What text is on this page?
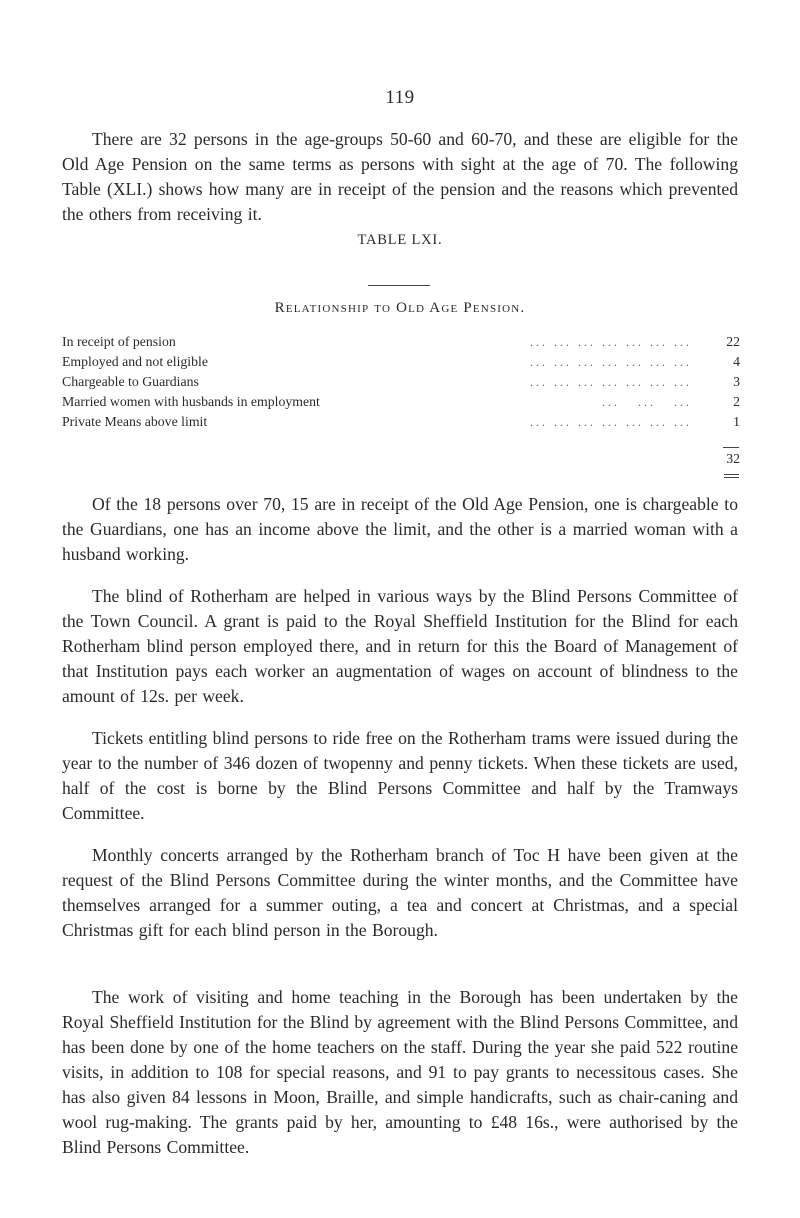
119

There are 32 persons in the age-groups 50-60 and 60-70, and these are eligible for the Old Age Pension on the same terms as persons with sight at the age of 70. The following Table (XLI.) shows how many are in receipt of the pension and the reasons which prevented the others from receiving it.

TABLE LXI.
Relationship to Old Age Pension.
In receipt of pension	... ... ... ... ... ... ...	22
Employed and not eligible	... ... ... ... ... ... ...	4
Chargeable to Guardians	... ... ... ... ... ... ...	3
Married women with husbands in employment	...   ...   ...	2
Private Means above limit	... ... ... ... ... ... ...	1
32

Of the 18 persons over 70, 15 are in receipt of the Old Age Pension, one is chargeable to the Guardians, one has an income above the limit, and the other is a married woman with a husband working.

The blind of Rotherham are helped in various ways by the Blind Persons Committee of the Town Council. A grant is paid to the Royal Sheffield Institution for the Blind for each Rotherham blind person employed there, and in return for this the Board of Management of that Institution pays each worker an augmentation of wages on account of blindness to the amount of 12s. per week.

Tickets entitling blind persons to ride free on the Rotherham trams were issued during the year to the number of 346 dozen of twopenny and penny tickets. When these tickets are used, half of the cost is borne by the Blind Persons Committee and half by the Tramways Committee.

Monthly concerts arranged by the Rotherham branch of Toc H have been given at the request of the Blind Persons Committee during the winter months, and the Committee have themselves arranged for a summer outing, a tea and concert at Christmas, and a special Christmas gift for each blind person in the Borough.

The work of visiting and home teaching in the Borough has been undertaken by the Royal Sheffield Institution for the Blind by agreement with the Blind Persons Committee, and has been done by one of the home teachers on the staff. During the year she paid 522 routine visits, in addition to 108 for special reasons, and 91 to pay grants to necessitous cases. She has also given 84 lessons in Moon, Braille, and simple handicrafts, such as chair-caning and wool rug-making. The grants paid by her, amounting to £48 16s., were authorised by the Blind Persons Committee.
